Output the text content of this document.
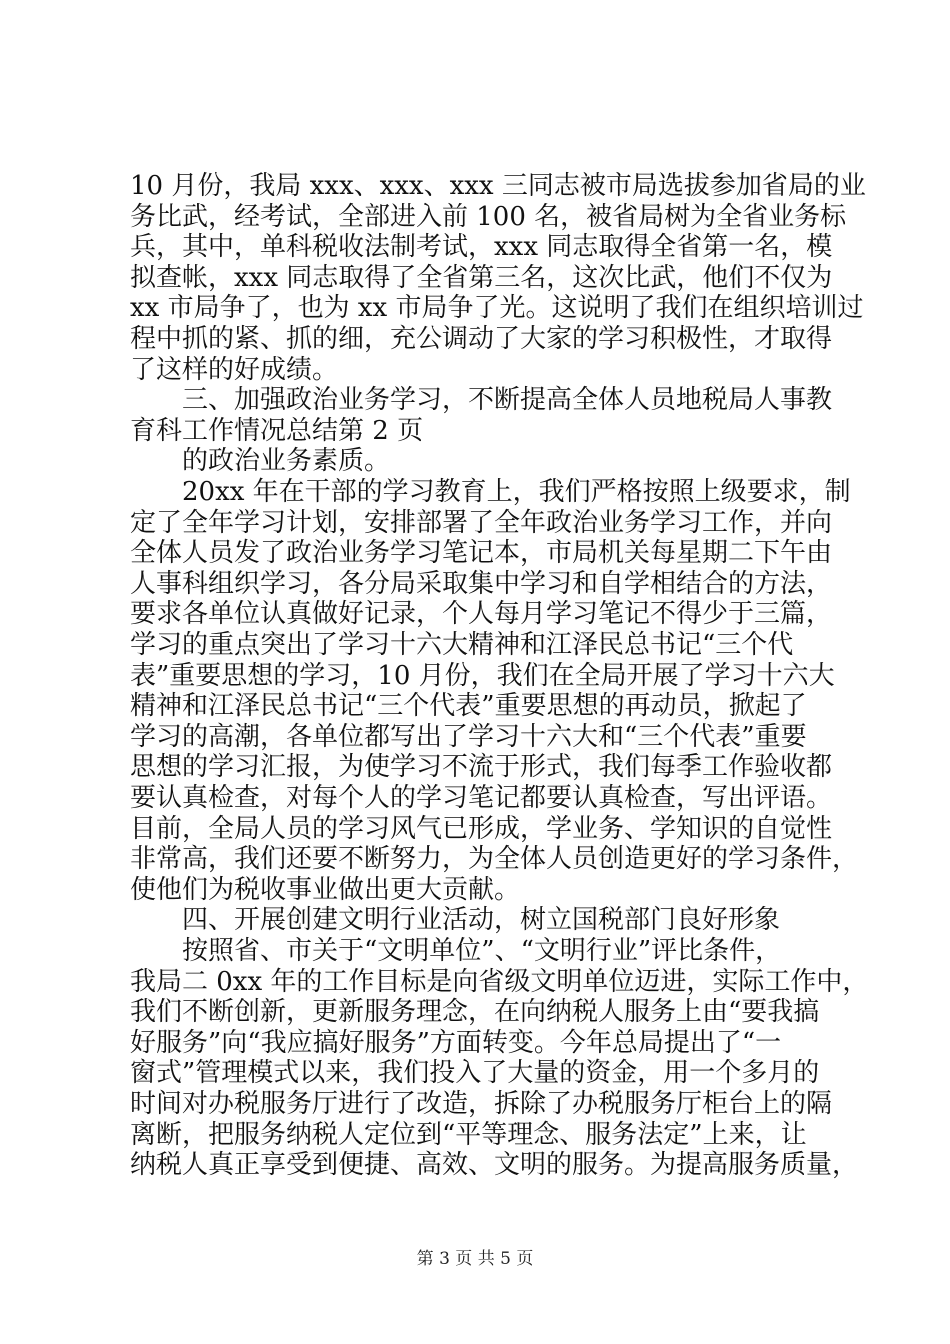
10 月份，我局 xxx、xxx、xxx 三同志被市局选拔参加省局的业
务比武，经考试，全部进入前 100 名，被省局树为全省业务标
兵，其中，单科税收法制考试，xxx 同志取得全省第一名，模
拟查帐，xxx 同志取得了全省第三名，这次比武，他们不仅为
xx 市局争了，也为 xx 市局争了光。这说明了我们在组织培训过
程中抓的紧、抓的细，充公调动了大家的学习积极性，才取得
了这样的好成绩。
三、加强政治业务学习，不断提高全体人员地税局人事教
育科工作情况总结第 2 页
的政治业务素质。
20xx 年在干部的学习教育上，我们严格按照上级要求，制
定了全年学习计划，安排部署了全年政治业务学习工作，并向
全体人员发了政治业务学习笔记本，市局机关每星期二下午由
人事科组织学习，各分局采取集中学习和自学相结合的方法，
要求各单位认真做好记录，个人每月学习笔记不得少于三篇，
学习的重点突出了学习十六大精神和江泽民总书记“三个代
表”重要思想的学习，10 月份，我们在全局开展了学习十六大
精神和江泽民总书记“三个代表”重要思想的再动员，掀起了
学习的高潮，各单位都写出了学习十六大和“三个代表”重要
思想的学习汇报，为使学习不流于形式，我们每季工作验收都
要认真检查，对每个人的学习笔记都要认真检查，写出评语。
目前，全局人员的学习风气已形成，学业务、学知识的自觉性
非常高，我们还要不断努力，为全体人员创造更好的学习条件，
使他们为税收事业做出更大贡献。
四、开展创建文明行业活动，树立国税部门良好形象
按照省、市关于“文明单位”、“文明行业”评比条件，
我局二 0xx 年的工作目标是向省级文明单位迈进，实际工作中，
我们不断创新，更新服务理念，在向纳税人服务上由“要我搞
好服务”向“我应搞好服务”方面转变。今年总局提出了“一
窗式”管理模式以来，我们投入了大量的资金，用一个多月的
时间对办税服务厅进行了改造，拆除了办税服务厅柜台上的隔
离断，把服务纳税人定位到“平等理念、服务法定”上来，让
纳税人真正享受到便捷、高效、文明的服务。为提高服务质量，
第 3 页 共 5 页
